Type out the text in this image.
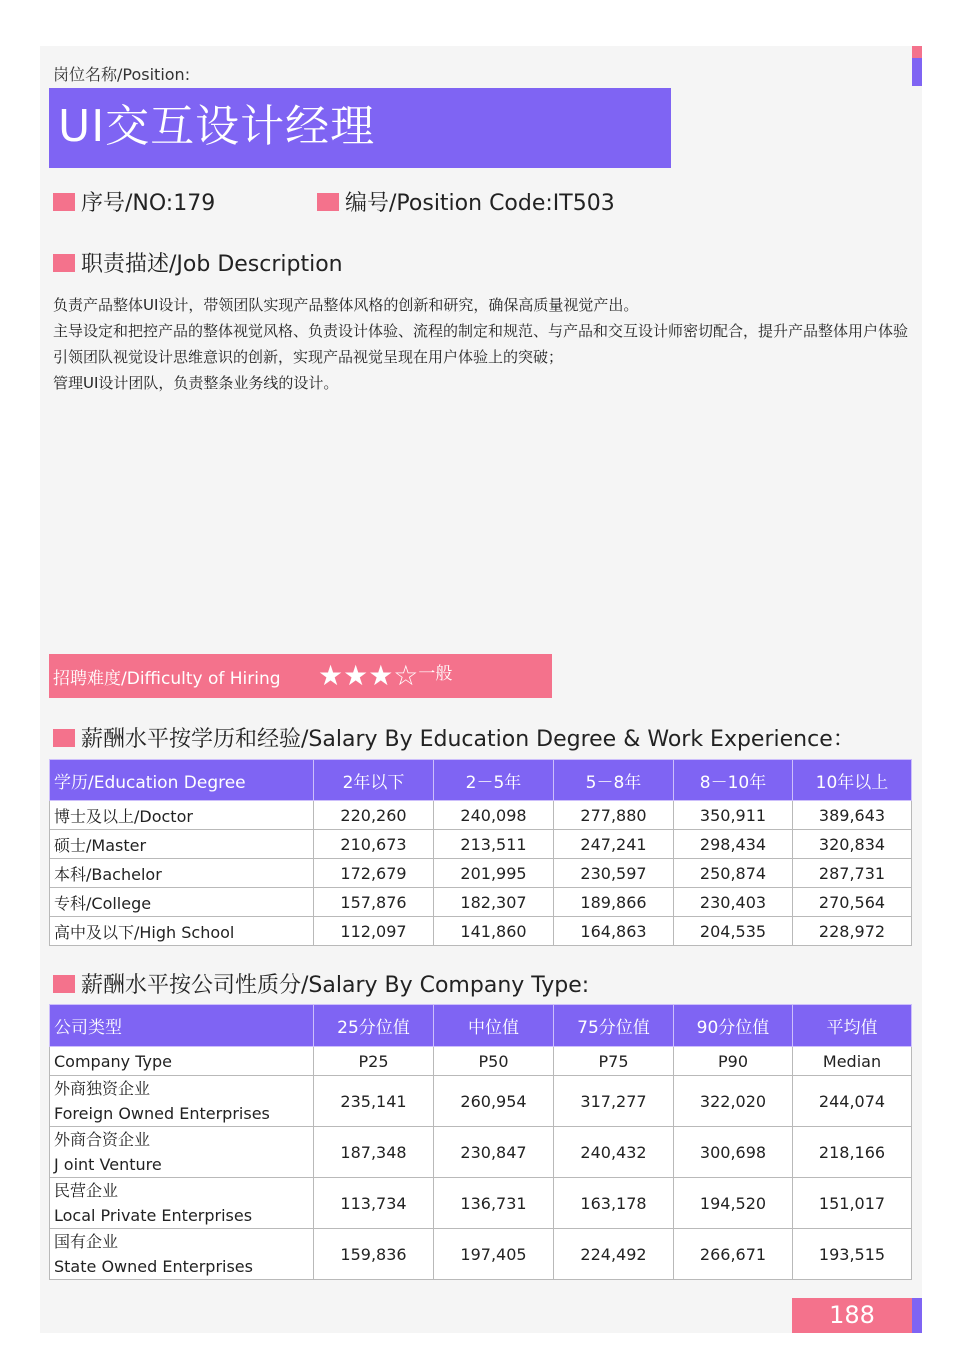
岗位名称/Position:
UI交互设计经理
序号/NO:179	编号/Position Code:IT503
职责描述/Job Description

负责产品整体UI设计，带领团队实现产品整体风格的创新和研究，确保高质量视觉产出。

主导设定和把控产品的整体视觉风格、负责设计体验、流程的制定和规范、与产品和交互设计师密切配合，提升产品整体用户体验

引领团队视觉设计思维意识的创新，实现产品视觉呈现在用户体验上的突破；

管理UI设计团队，负责整条业务线的设计。

招聘难度/Difficulty of Hiring ★★★☆一般
薪酬水平按学历和经验/Salary By Education Degree & Work Experience：
学历/Education Degree	2年以下	2－5年	5－8年	8－10年	10年以上
博士及以上/Doctor	220,260	240,098	277,880	350,911	389,643
硕士/Master	210,673	213,511	247,241	298,434	320,834
本科/Bachelor	172,679	201,995	230,597	250,874	287,731
专科/College	157,876	182,307	189,866	230,403	270,564
高中及以下/High School	112,097	141,860	164,863	204,535	228,972
薪酬水平按公司性质分/Salary By Company Type:
公司类型	25分位值	中位值	75分位值	90分位值	平均值
Company Type	P25	P50	P75	P90	Median

外商独资企业
Foreign Owned Enterprises	235,141	260,954	317,277	322,020	244,074

外商合资企业
J oint Venture	187,348	230,847	240,432	300,698	218,166

民营企业
Local Private Enterprises	113,734	136,731	163,178	194,520	151,017

国有企业
State Owned Enterprises	159,836	197,405	224,492	266,671	193,515
188
